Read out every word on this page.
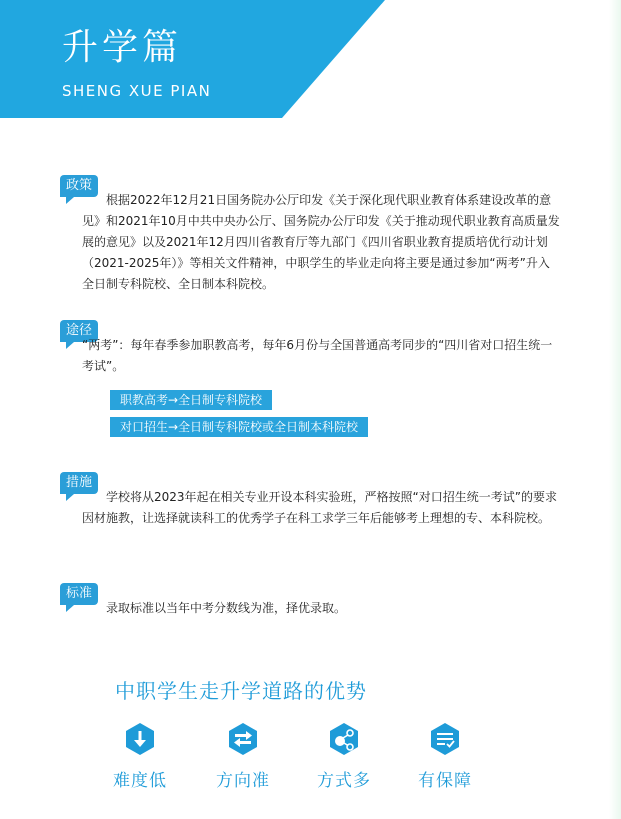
升学篇
SHENG XUE PIAN
政策
根据2022年12月21日国务院办公厅印发《关于深化现代职业教育体系建设改革的意见》和2021年10月中共中央办公厅、国务院办公厅印发《关于推动现代职业教育高质量发展的意见》以及2021年12月四川省教育厅等九部门《四川省职业教育提质培优行动计划（2021-2025年）》等相关文件精神，中职学生的毕业走向将主要是通过参加“两考”升入全日制专科院校、全日制本科院校。
途径
“两考”：每年春季参加职教高考，每年6月份与全国普通高考同步的“四川省对口招生统一考试”。
职教高考→全日制专科院校
对口招生→全日制专科院校或全日制本科院校
措施
学校将从2023年起在相关专业开设本科实验班，严格按照“对口招生统一考试”的要求因材施教，让选择就读科工的优秀学子在科工求学三年后能够考上理想的专、本科院校。
标准
录取标准以当年中考分数线为准，择优录取。
中职学生走升学道路的优势
难度低	方向准	方式多	有保障
